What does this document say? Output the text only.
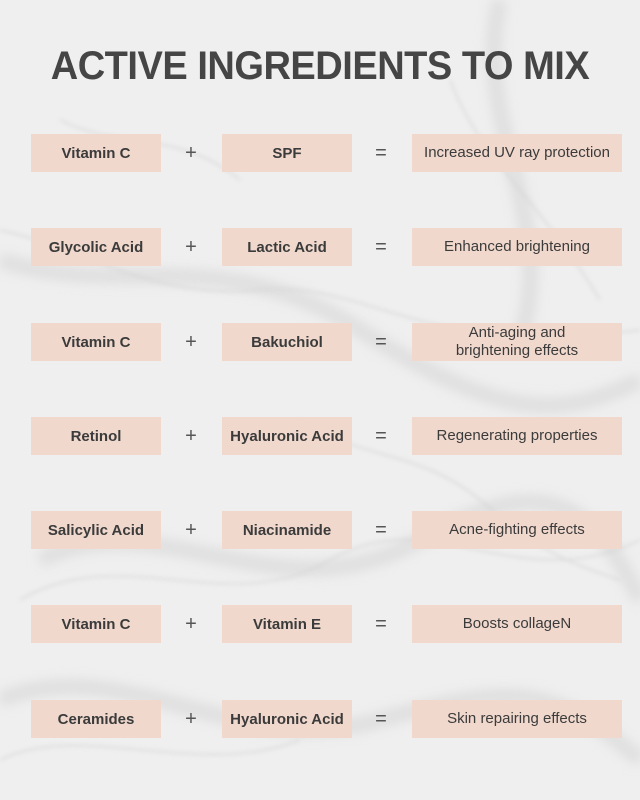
ACTIVE INGREDIENTS TO MIX
Vitamin C	+	SPF	=	Increased UV ray protection
Glycolic Acid	+	Lactic Acid	=	Enhanced brightening
Vitamin C	+	Bakuchiol	=	Anti-aging and brightening effects
Retinol	+	Hyaluronic Acid	=	Regenerating properties
Salicylic Acid	+	Niacinamide	=	Acne-fighting effects
Vitamin C	+	Vitamin E	=	Boosts collageN
Ceramides	+	Hyaluronic Acid	=	Skin repairing effects
